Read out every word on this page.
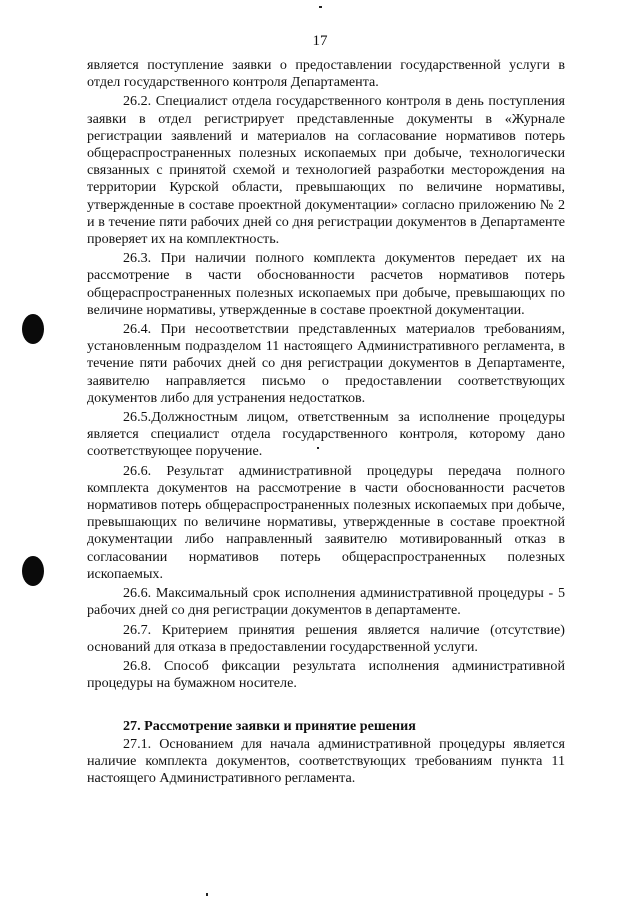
17

является поступление заявки о предоставлении государственной услуги в отдел государственного контроля Департамента.

26.2. Специалист отдела государственного контроля в день поступления заявки в отдел регистрирует представленные документы в «Журнале регистрации заявлений и материалов на согласование нормативов потерь общераспространенных полезных ископаемых при добыче, технологически связанных с принятой схемой и технологией разработки месторождения на территории Курской области, превышающих по величине нормативы, утвержденные в составе проектной документации» согласно приложению № 2 и в течение пяти рабочих дней со дня регистрации документов в Департаменте проверяет их на комплектность.

26.3. При наличии полного комплекта документов передает их на рассмотрение в части обоснованности расчетов нормативов потерь общераспространенных полезных ископаемых при добыче, превышающих по величине нормативы, утвержденные в составе проектной документации.

26.4. При несоответствии представленных материалов требованиям, установленным подразделом 11 настоящего Административного регламента, в течение пяти рабочих дней со дня регистрации документов в Департаменте, заявителю направляется письмо о предоставлении соответствующих документов либо для устранения недостатков.

26.5.Должностным лицом, ответственным за исполнение процедуры является специалист отдела государственного контроля, которому дано соответствующее поручение.

26.6. Результат административной процедуры передача полного комплекта документов на рассмотрение в части обоснованности расчетов нормативов потерь общераспространенных полезных ископаемых при добыче, превышающих по величине нормативы, утвержденные в составе проектной документации либо направленный заявителю мотивированный отказ в согласовании нормативов потерь общераспространенных полезных ископаемых.

26.6. Максимальный срок исполнения административной процедуры - 5 рабочих дней со дня регистрации документов в департаменте.

26.7. Критерием принятия решения является наличие (отсутствие) оснований для отказа в предоставлении государственной услуги.

26.8. Способ фиксации результата исполнения административной процедуры на бумажном носителе.

27. Рассмотрение заявки и принятие решения

27.1. Основанием для начала административной процедуры является наличие комплекта документов, соответствующих требованиям пункта 11 настоящего Административного регламента.
